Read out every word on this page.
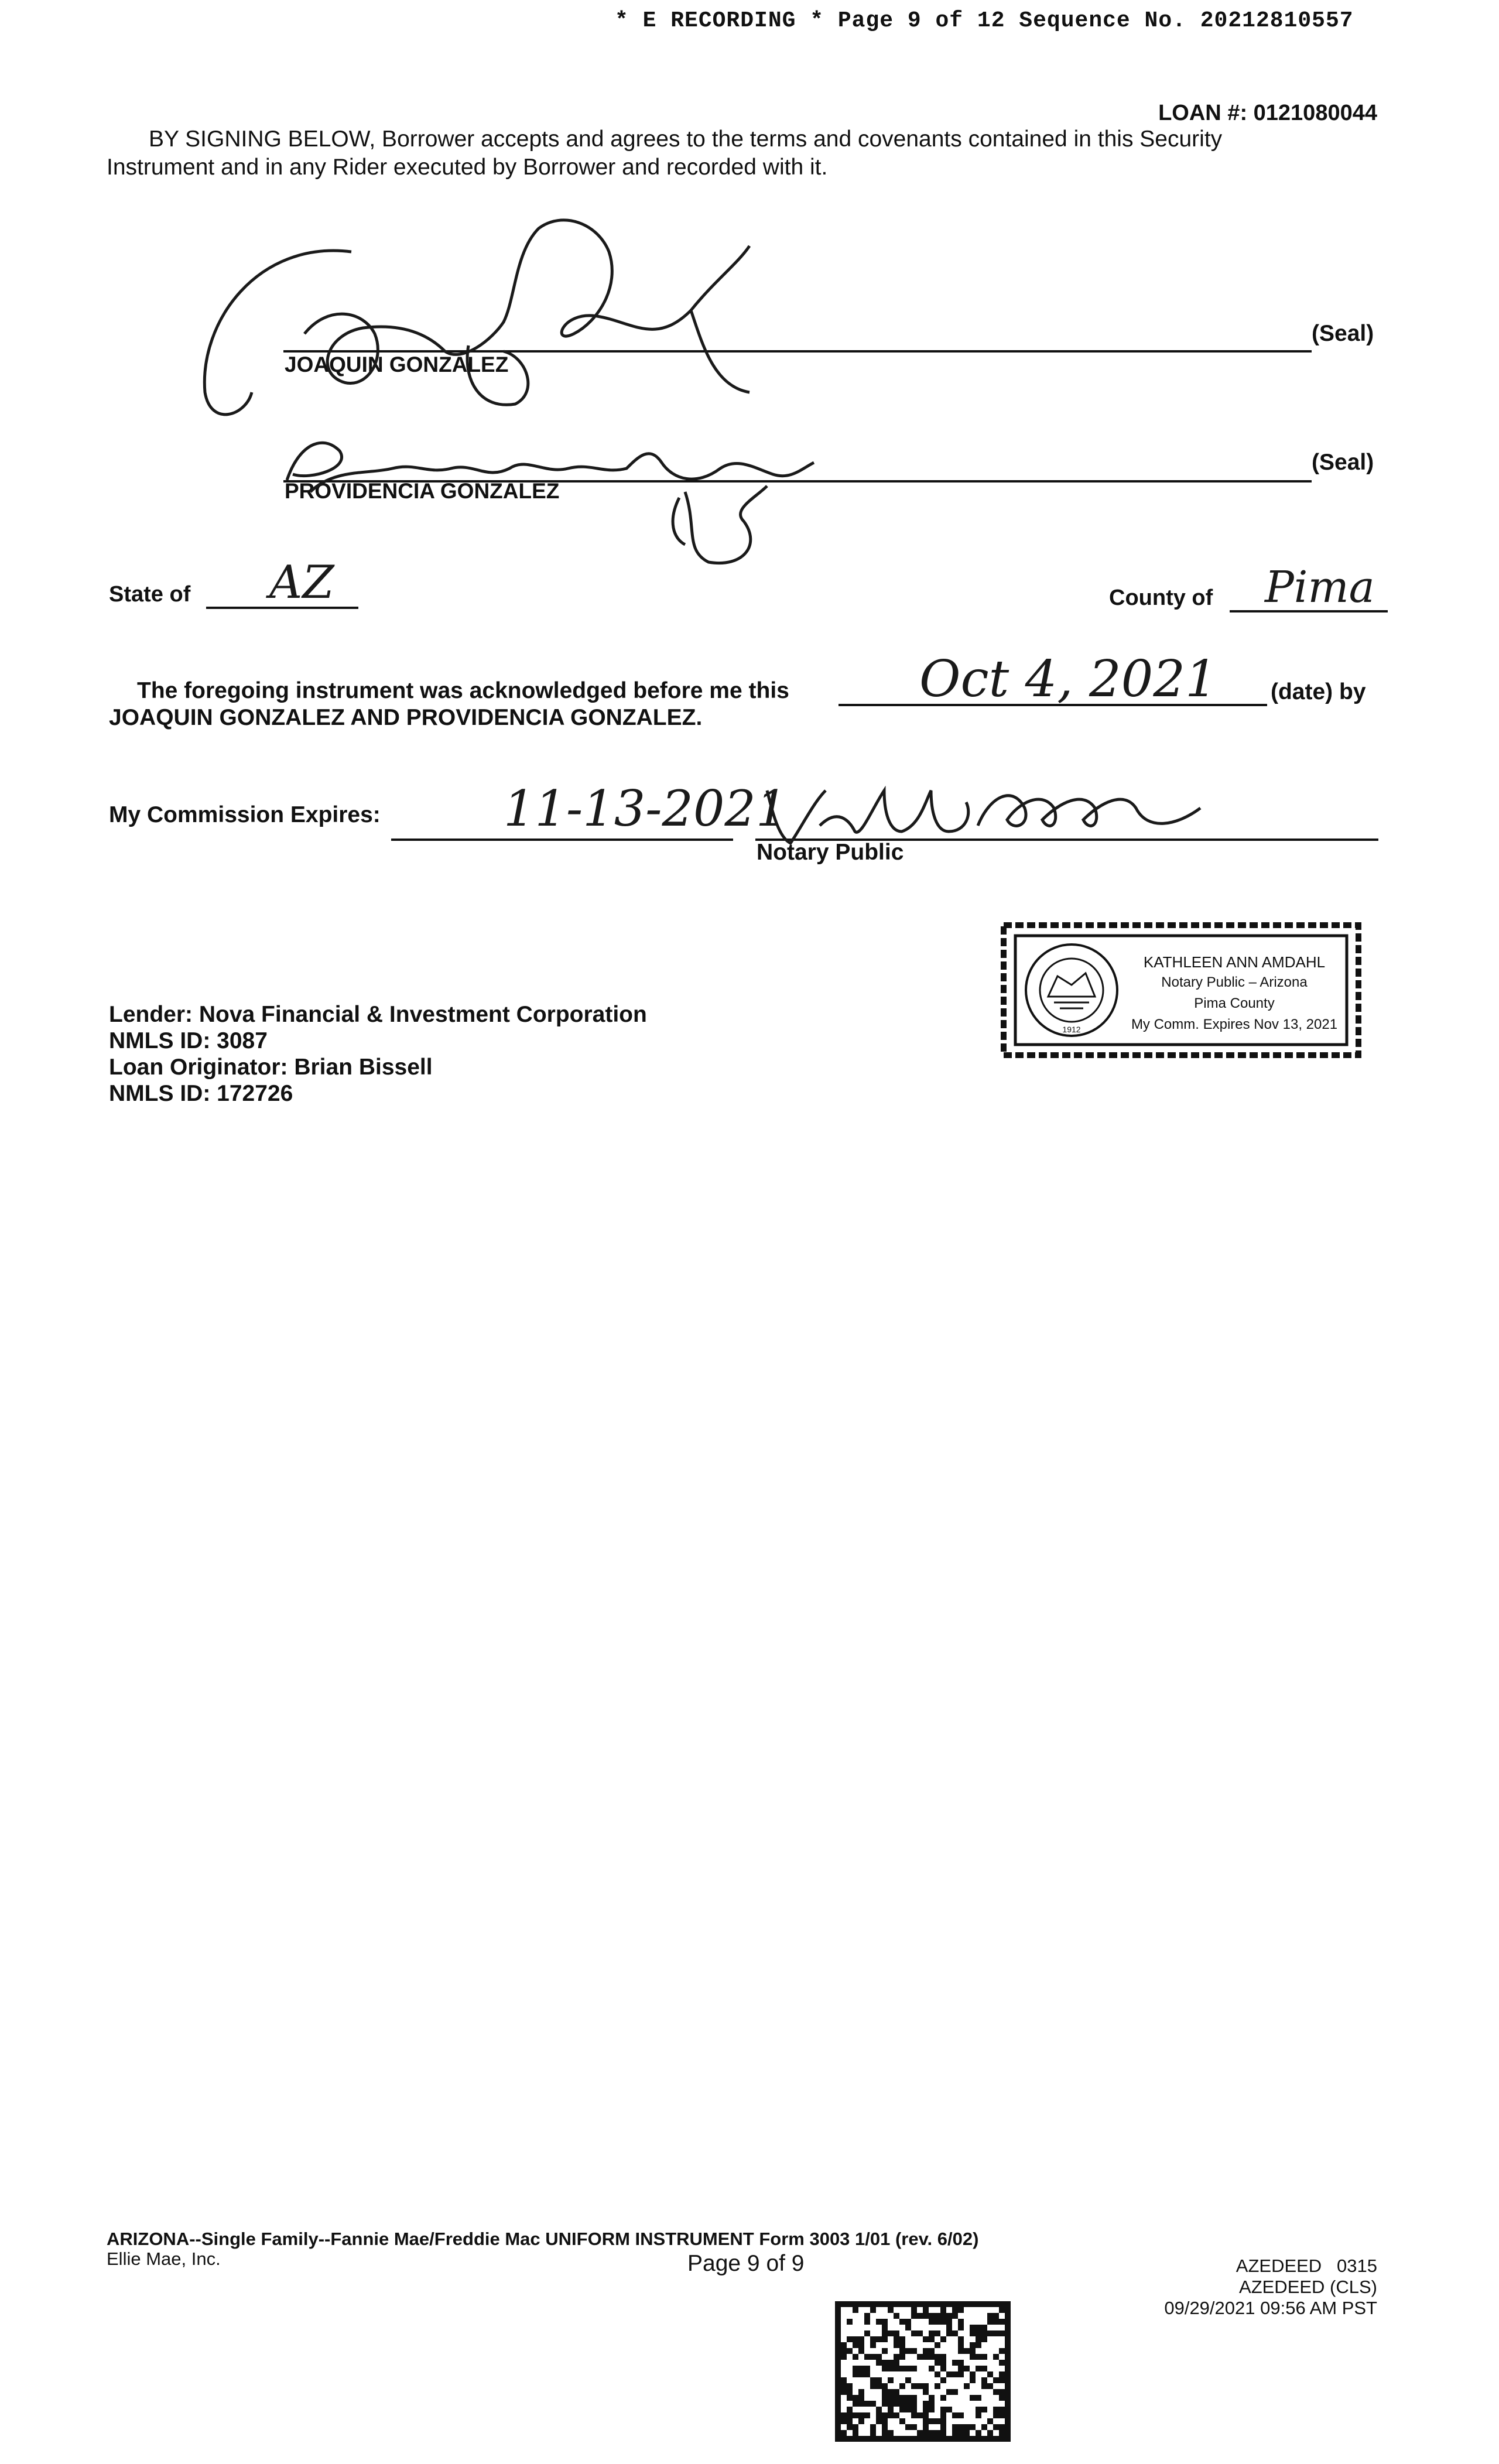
* E RECORDING * Page 9 of 12 Sequence No. 20212810557
LOAN #: 0121080044
BY SIGNING BELOW, Borrower accepts and agrees to the terms and covenants contained in this Security
Instrument and in any Rider executed by Borrower and recorded with it.
JOAQUIN GONZALEZ
(Seal)
PROVIDENCIA GONZALEZ
(Seal)
State of AZ	County of Pima
The foregoing instrument was acknowledged before me this	Oct 4, 2021 (date) by
JOAQUIN GONZALEZ AND PROVIDENCIA GONZALEZ.
My Commission Expires:	11-13-2021
Notary Public
1912
KATHLEEN ANN AMDAHL
Notary Public – Arizona
Pima County
My Comm. Expires Nov 13, 2021
Lender: Nova Financial & Investment Corporation
NMLS ID: 3087
Loan Originator: Brian Bissell
NMLS ID: 172726
ARIZONA--Single Family--Fannie Mae/Freddie Mac UNIFORM INSTRUMENT Form 3003 1/01 (rev. 6/02)
Ellie Mae, Inc.	Page 9 of 9	AZEDEED   0315
AZEDEED (CLS)
09/29/2021 09:56 AM PST
